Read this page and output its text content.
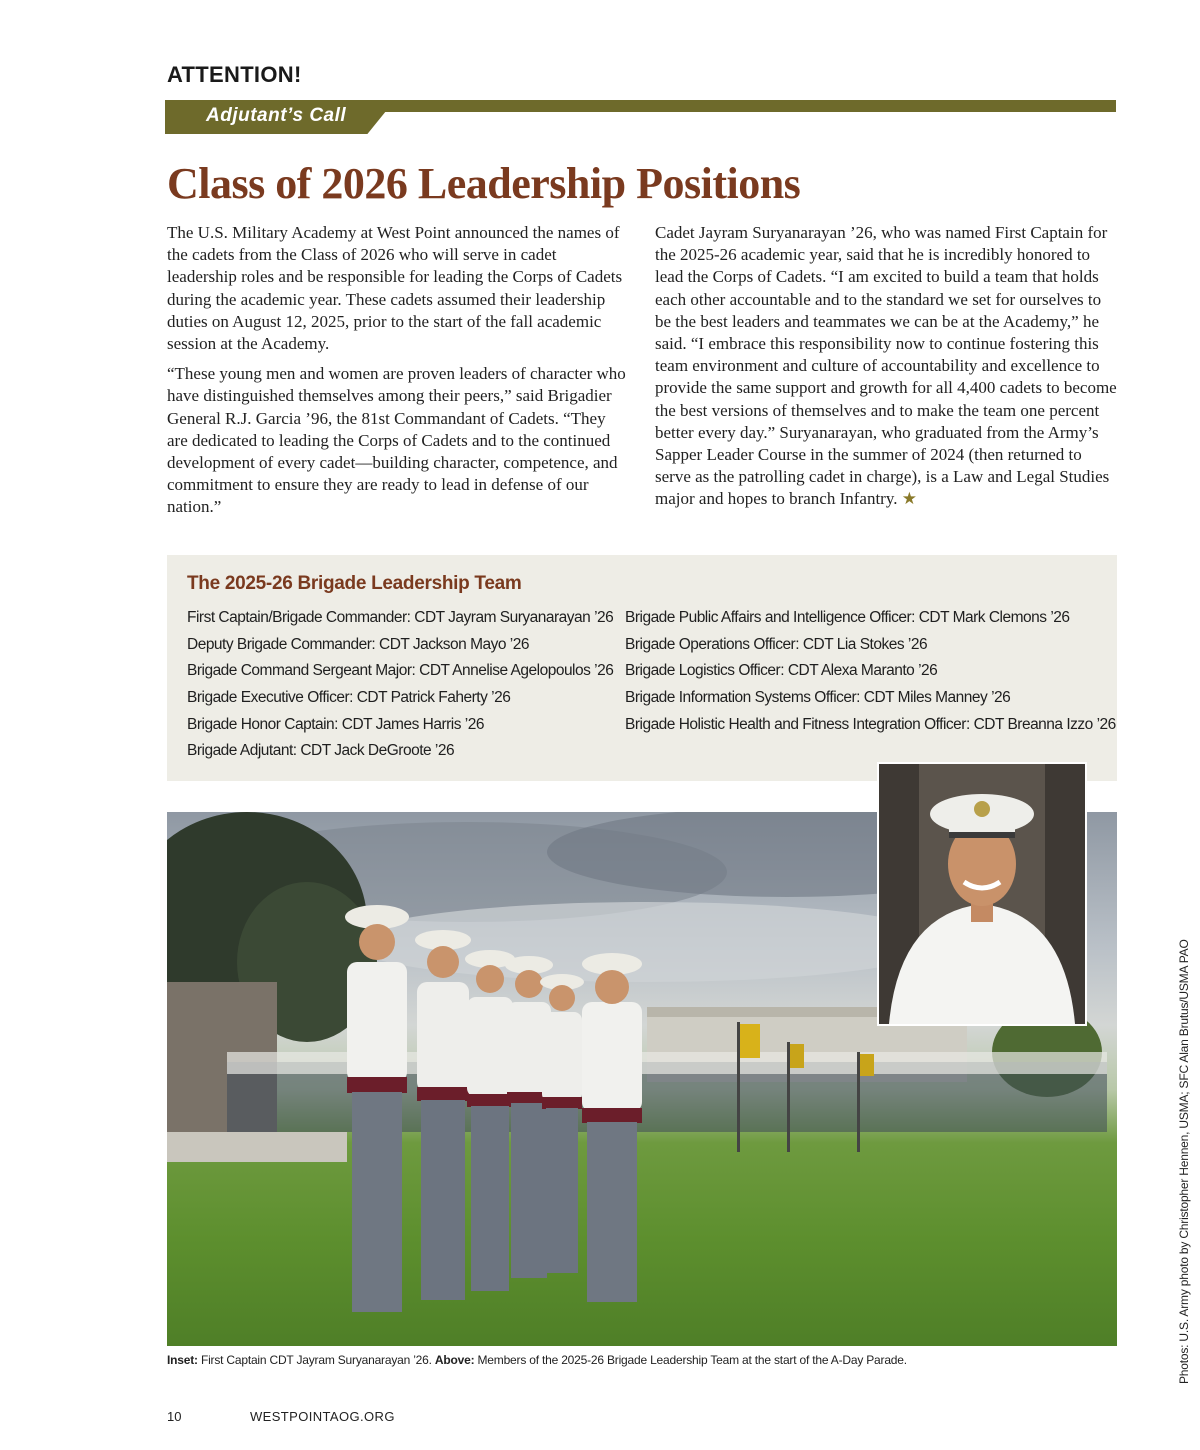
ATTENTION!
Adjutant’s Call
Class of 2026 Leadership Positions

The U.S. Military Academy at West Point announced the names of the cadets from the Class of 2026 who will serve in cadet leadership roles and be responsible for leading the Corps of Cadets during the academic year. These cadets assumed their leadership duties on August 12, 2025, prior to the start of the fall academic session at the Academy.

“These young men and women are proven leaders of character who have distinguished themselves among their peers,” said Brigadier General R.J. Garcia ’96, the 81st Commandant of Cadets. “They are dedicated to leading the Corps of Cadets and to the continued development of every cadet—building character, competence, and commitment to ensure they are ready to lead in defense of our nation.”

Cadet Jayram Suryanarayan ’26, who was named First Captain for the 2025-26 academic year, said that he is incredibly honored to lead the Corps of Cadets. “I am excited to build a team that holds each other accountable and to the standard we set for ourselves to be the best leaders and teammates we can be at the Academy,” he said. “I embrace this responsibility now to continue fostering this team environment and culture of accountability and excellence to provide the same support and growth for all 4,400 cadets to become the best versions of themselves and to make the team one percent better every day.” Suryanarayan, who graduated from the Army’s Sapper Leader Course in the summer of 2024 (then returned to serve as the patrolling cadet in charge), is a Law and Legal Studies major and hopes to branch Infantry. ★

The 2025-26 Brigade Leadership Team
First Captain/Brigade Commander: CDT Jayram Suryanarayan ’26
Deputy Brigade Commander: CDT Jackson Mayo ’26
Brigade Command Sergeant Major: CDT Annelise Agelopoulos ’26
Brigade Executive Officer: CDT Patrick Faherty ’26
Brigade Honor Captain: CDT James Harris ’26
Brigade Adjutant: CDT Jack DeGroote ’26
Brigade Public Affairs and Intelligence Officer: CDT Mark Clemons ’26
Brigade Operations Officer: CDT Lia Stokes ’26
Brigade Logistics Officer: CDT Alexa Maranto ’26
Brigade Information Systems Officer: CDT Miles Manney ’26
Brigade Holistic Health and Fitness Integration Officer: CDT Breanna Izzo ’26
Inset: First Captain CDT Jayram Suryanarayan ’26. Above: Members of the 2025-26 Brigade Leadership Team at the start of the A-Day Parade.	Photos: U.S. Army photo by Christopher Hennen, USMA; SFC Alan Brutus/USMA PAO
10	WESTPOINTAOG.ORG
